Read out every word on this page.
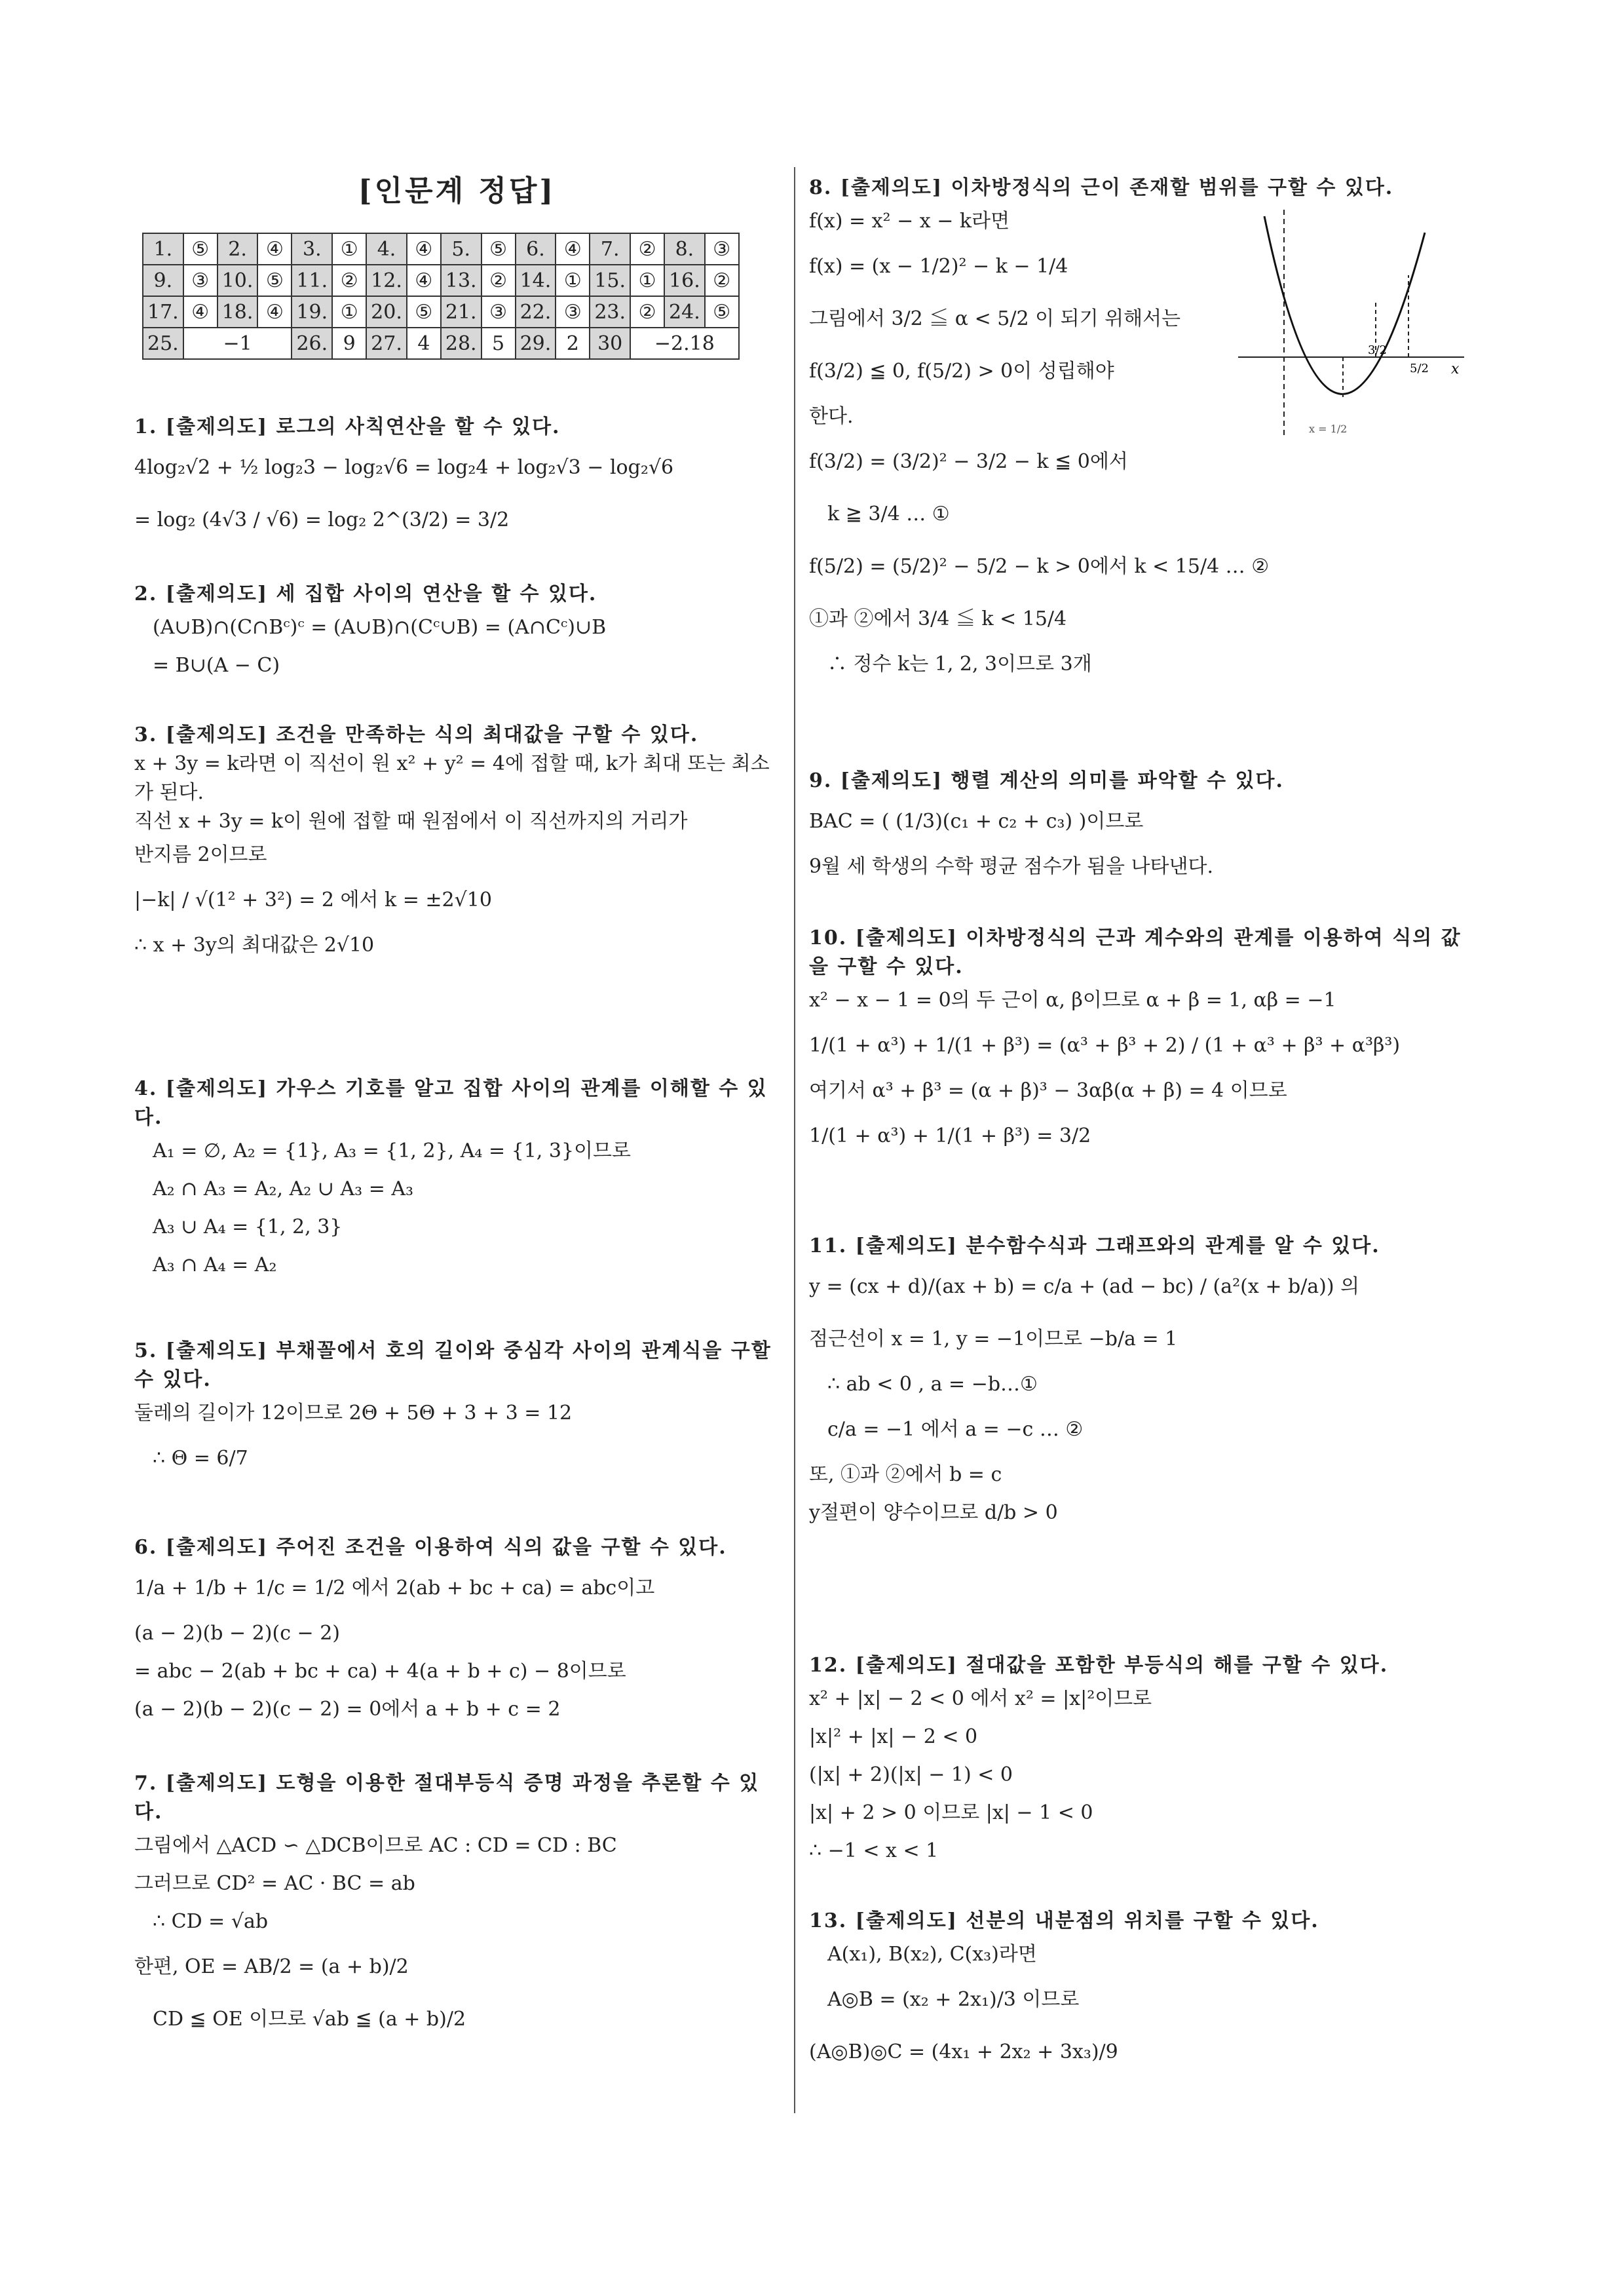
[인문계 정답]
1.	⑤	2.	④	3.	①	4.	④	5.	⑤	6.	④	7.	②	8.	③
9.	③	10.	⑤	11.	②	12.	④	13.	②	14.	①	15.	①	16.	②
17.	④	18.	④	19.	①	20.	⑤	21.	③	22.	③	23.	②	24.	⑤
25.	−1			26.	9	27.	4	28.	5	29.	2	30	−2.18		
1. [출제의도] 로그의 사칙연산을 할 수 있다.
4log₂√2 + ½ log₂3 − log₂√6 = log₂4 + log₂√3 − log₂√6
= log₂ (4√3 / √6) = log₂ 2^(3/2) = 3/2
2. [출제의도] 세 집합 사이의 연산을 할 수 있다.
(A∪B)∩(C∩Bᶜ)ᶜ = (A∪B)∩(Cᶜ∪B) = (A∩Cᶜ)∪B
= B∪(A − C)
3. [출제의도] 조건을 만족하는 식의 최대값을 구할 수 있다.
x + 3y = k라면 이 직선이 원 x² + y² = 4에 접할 때, k가 최대 또는 최소가 된다.
직선 x + 3y = k이 원에 접할 때 원점에서 이 직선까지의 거리가
반지름 2이므로
|−k| / √(1² + 3²) = 2 에서 k = ±2√10
∴ x + 3y의 최대값은 2√10
4. [출제의도] 가우스 기호를 알고 집합 사이의 관계를 이해할 수 있다.
A₁ = ∅, A₂ = {1}, A₃ = {1, 2}, A₄ = {1, 3}이므로
A₂ ∩ A₃ = A₂, A₂ ∪ A₃ = A₃
A₃ ∪ A₄ = {1, 2, 3}
A₃ ∩ A₄ = A₂
5. [출제의도] 부채꼴에서 호의 길이와 중심각 사이의 관계식을 구할 수 있다.
둘레의 길이가 12이므로 2Θ + 5Θ + 3 + 3 = 12
∴ Θ = 6/7
6. [출제의도] 주어진 조건을 이용하여 식의 값을 구할 수 있다.
1/a + 1/b + 1/c = 1/2 에서 2(ab + bc + ca) = abc이고
(a − 2)(b − 2)(c − 2)
= abc − 2(ab + bc + ca) + 4(a + b + c) − 8이므로
(a − 2)(b − 2)(c − 2) = 0에서 a + b + c = 2
7. [출제의도] 도형을 이용한 절대부등식 증명 과정을 추론할 수 있다.
그림에서 △ACD ∽ △DCB이므로 AC : CD = CD : BC
그러므로 CD² = AC · BC = ab
∴ CD = √ab
한편, OE = AB/2 = (a + b)/2
CD ≦ OE 이므로 √ab ≦ (a + b)/2
8. [출제의도] 이차방정식의 근이 존재할 범위를 구할 수 있다.
f(x) = x² − x − k라면
f(x) = (x − 1/2)² − k − 1/4
그림에서 3/2 ≦ α < 5/2 이 되기 위해서는
f(3/2) ≦ 0, f(5/2) > 0이 성립해야
한다.
f(3/2) = (3/2)² − 3/2 − k ≦ 0에서
k ≧ 3/4 … ①
f(5/2) = (5/2)² − 5/2 − k > 0에서 k < 15/4 … ②
①과 ②에서 3/4 ≦ k < 15/4
∴ 정수 k는 1, 2, 3이므로 3개
x
3/2
5/2
x = 1/2
9. [출제의도] 행렬 계산의 의미를 파악할 수 있다.
BAC = ( (1/3)(c₁ + c₂ + c₃) )이므로
9월 세 학생의 수학 평균 점수가 됨을 나타낸다.
10. [출제의도] 이차방정식의 근과 계수와의 관계를 이용하여 식의 값을 구할 수 있다.
x² − x − 1 = 0의 두 근이 α, β이므로 α + β = 1, αβ = −1
1/(1 + α³) + 1/(1 + β³) = (α³ + β³ + 2) / (1 + α³ + β³ + α³β³)
여기서 α³ + β³ = (α + β)³ − 3αβ(α + β) = 4 이므로
1/(1 + α³) + 1/(1 + β³) = 3/2
11. [출제의도] 분수함수식과 그래프와의 관계를 알 수 있다.
y = (cx + d)/(ax + b) = c/a + (ad − bc) / (a²(x + b/a)) 의
점근선이 x = 1, y = −1이므로 −b/a = 1
∴ ab < 0 , a = −b…①
c/a = −1 에서 a = −c … ②
또, ①과 ②에서 b = c
y절편이 양수이므로 d/b > 0
12. [출제의도] 절대값을 포함한 부등식의 해를 구할 수 있다.
x² + |x| − 2 < 0 에서 x² = |x|²이므로
|x|² + |x| − 2 < 0
(|x| + 2)(|x| − 1) < 0
|x| + 2 > 0 이므로 |x| − 1 < 0
∴ −1 < x < 1
13. [출제의도] 선분의 내분점의 위치를 구할 수 있다.
A(x₁), B(x₂), C(x₃)라면
A◎B = (x₂ + 2x₁)/3 이므로
(A◎B)◎C = (4x₁ + 2x₂ + 3x₃)/9
